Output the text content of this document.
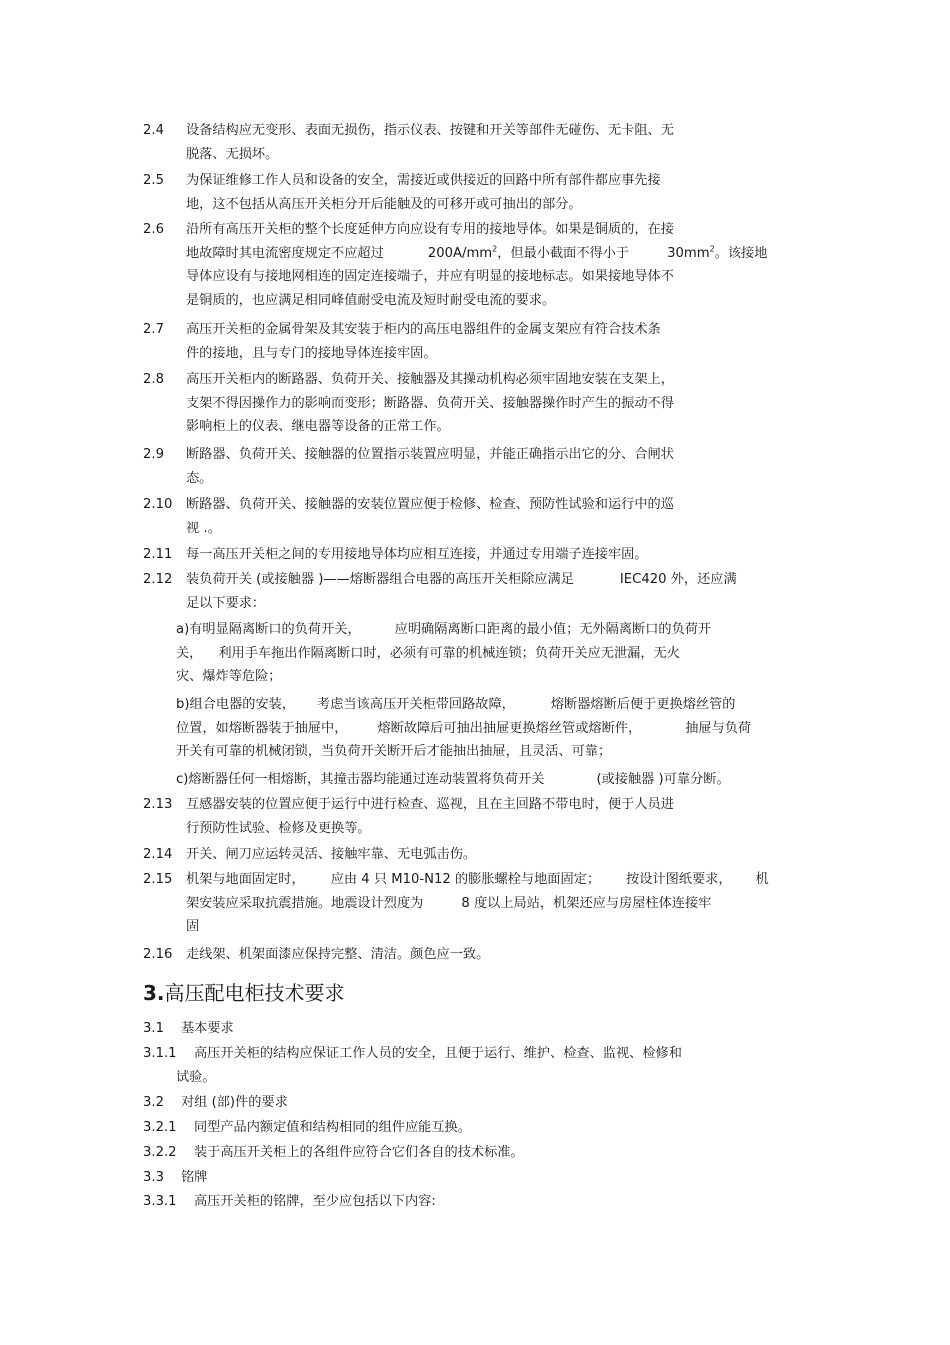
2.4	设备结构应无变形、表面无损伤，指示仪表、按键和开关等部件无碰伤、无卡阻、无
脱落、无损坏。
2.5	为保证维修工作人员和设备的安全，需接近或供接近的回路中所有部件都应事先接
地，这不包括从高压开关柜分开后能触及的可移开或可抽出的部分。
2.6	沿所有高压开关柜的整个长度延伸方向应设有专用的接地导体。如果是铜质的，在接
地故障时其电流密度规定不应超过	$200A/mm^2$，但最小截面不得小于	$30mm^2$。该接地
导体应设有与接地网相连的固定连接端子，并应有明显的接地标志。如果接地导体不
是铜质的，也应满足相同峰值耐受电流及短时耐受电流的要求。
2.7	高压开关柜的金属骨架及其安装于柜内的高压电器组件的金属支架应有符合技术条
件的接地，且与专门的接地导体连接牢固。
2.8	高压开关柜内的断路器、负荷开关、接触器及其操动机构必须牢固地安装在支架上，
支架不得因操作力的影响而变形；断路器、负荷开关、接触器操作时产生的振动不得
影响柜上的仪表、继电器等设备的正常工作。
2.9	断路器、负荷开关、接触器的位置指示装置应明显，并能正确指示出它的分、合闸状
态。
2.10	断路器、负荷开关、接触器的安装位置应便于检修、检查、预防性试验和运行中的巡
视 .。
2.11	每一高压开关柜之间的专用接地导体均应相互连接，并通过专用端子连接牢固。
2.12	装负荷开关 (或接触器 )——熔断器组合电器的高压开关柜除应满足	IEC420 外，还应满
足以下要求：
a)有明显隔离断口的负荷开关，	应明确隔离断口距离的最小值；无外隔离断口的负荷开
关， 利用手车拖出作隔离断口时，必须有可靠的机械连锁；负荷开关应无泄漏，无火
灾、爆炸等危险；
b)组合电器的安装， 考虑当该高压开关柜带回路故障，	熔断器熔断后便于更换熔丝管的
位置，如熔断器装于抽屉中， 熔断故障后可抽出抽屉更换熔丝管或熔断件，	抽屉与负荷
开关有可靠的机械闭锁，当负荷开关断开后才能抽出抽屉，且灵活、可靠；
c)熔断器任何一相熔断，其撞击器均能通过连动装置将负荷开关	(或接触器 )可靠分断。
2.13	互感器安装的位置应便于运行中进行检查、巡视，且在主回路不带电时，便于人员进
行预防性试验、检修及更换等。
2.14	开关、闸刀应运转灵活、接触牢靠、无电弧击伤。
2.15	机架与地面固定时， 应由 4 只 M10-N12 的膨胀螺栓与地面固定； 按设计图纸要求， 机
架安装应采取抗震措施。地震设计烈度为	8 度以上局站，机架还应与房屋柱体连接牢
固
2.16	走线架、机架面漆应保持完整、清洁。颜色应一致。
3.高压配电柜技术要求
3.1 基本要求
3.1.1 高压开关柜的结构应保证工作人员的安全，且便于运行、维护、检查、监视、检修和
试验。
3.2 对组 (部)件的要求
3.2.1 同型产品内额定值和结构相同的组件应能互换。
3.2.2 装于高压开关柜上的各组件应符合它们各自的技术标准。
3.3 铭牌
3.3.1 高压开关柜的铭牌，至少应包括以下内容:
